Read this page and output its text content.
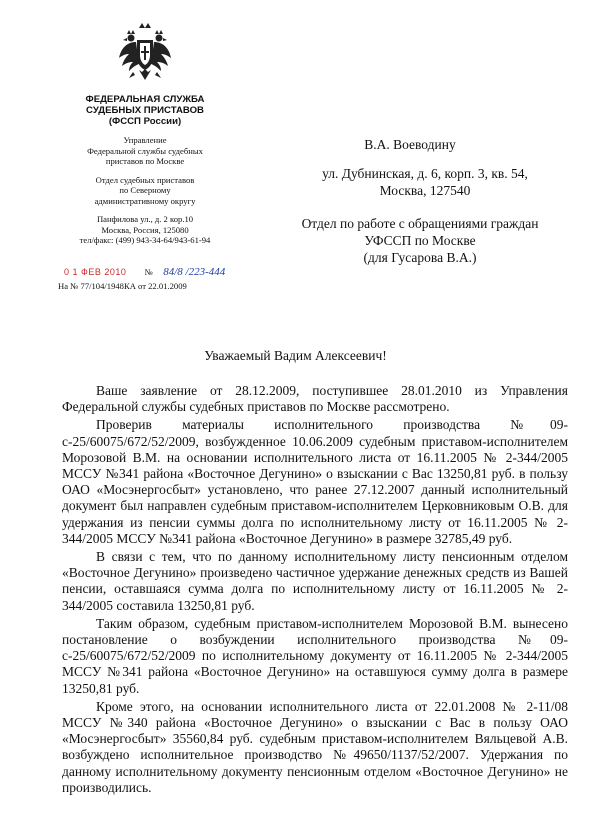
ФЕДЕРАЛЬНАЯ СЛУЖБА
СУДЕБНЫХ ПРИСТАВОВ
(ФССП России)
Управление
Федеральной службы судебных
приставов по Москве
Отдел судебных приставов
по Северному
административному округу
Панфилова ул., д. 2 кор.10
Москва, Россия, 125080
тел/факс: (499) 943-34-64/943-61-94
0 1 ФЕВ 2010 № 84/8 /223-444
На № 77/104/1948КА от 22.01.2009
В.А. Воеводину
ул. Дубнинская, д. 6, корп. 3, кв. 54,
Москва, 127540
Отдел по работе с обращениями граждан
УФССП по Москве
(для Гусарова В.А.)
Уважаемый Вадим Алексеевич!

Ваше заявление от 28.12.2009, поступившее 28.01.2010 из Управления Федеральной службы судебных приставов по Москве рассмотрено.

Проверив материалы исполнительного производства №09-с-25/60075/672/52/2009, возбужденное 10.06.2009 судебным приставом-исполнителем Морозовой В.М. на основании исполнительного листа от 16.11.2005 № 2-344/2005 МССУ №341 района «Восточное Дегунино» о взыскании с Вас 13250,81 руб. в пользу ОАО «Мосэнергосбыт» установлено, что ранее 27.12.2007 данный исполнительный документ был направлен судебным приставом-исполнителем Церковниковым О.В. для удержания из пенсии суммы долга по исполнительному листу от 16.11.2005 № 2-344/2005 МССУ №341 района «Восточное Дегунино» в размере 32785,49 руб.

В связи с тем, что по данному исполнительному листу пенсионным отделом «Восточное Дегунино» произведено частичное удержание денежных средств из Вашей пенсии, оставшаяся сумма долга по исполнительному листу от 16.11.2005 № 2-344/2005 составила 13250,81 руб.

Таким образом, судебным приставом-исполнителем Морозовой В.М. вынесено постановление о возбуждении исполнительного производства №09-с-25/60075/672/52/2009 по исполнительному документу от 16.11.2005 № 2-344/2005 МССУ №341 района «Восточное Дегунино» на оставшуюся сумму долга в размере 13250,81 руб.

Кроме этого, на основании исполнительного листа от 22.01.2008 № 2-11/08 МССУ №340 района «Восточное Дегунино» о взыскании с Вас в пользу ОАО «Мосэнергосбыт» 35560,84 руб. судебным приставом-исполнителем Вяльцевой А.В. возбуждено исполнительное производство №49650/1137/52/2007. Удержания по данному исполнительному документу пенсионным отделом «Восточное Дегунино» не производились.
